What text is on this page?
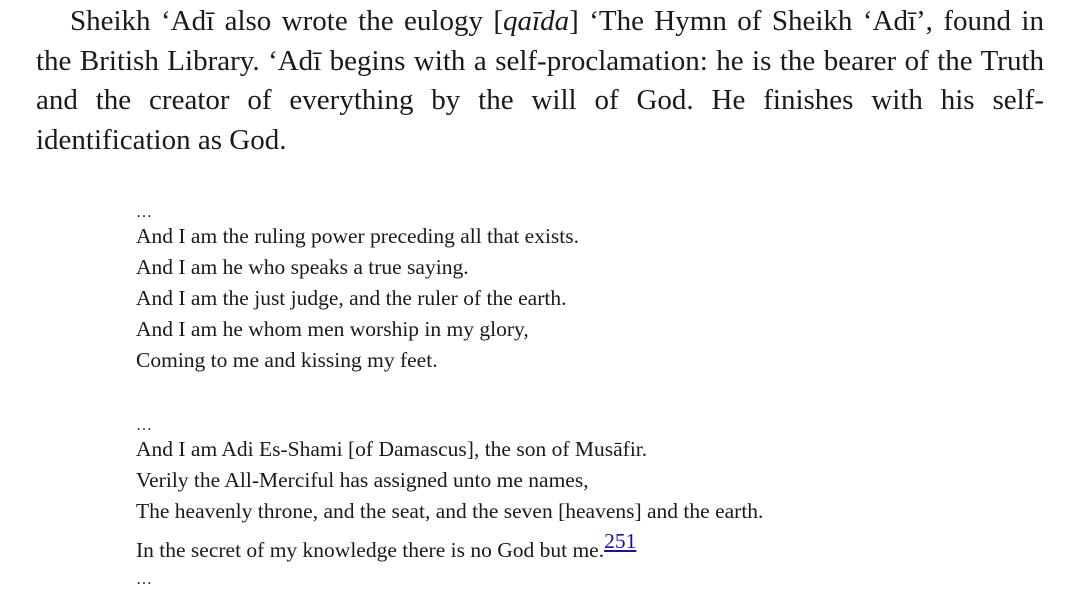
Sheikh ‘Adī also wrote the eulogy [qaīda] ‘The Hymn of Sheikh ‘Adī’, found in the British Library. ‘Adī begins with a self-proclamation: he is the bearer of the Truth and the creator of everything by the will of God. He finishes with his self-identification as God.

…
And I am the ruling power preceding all that exists.
And I am he who speaks a true saying.
And I am the just judge, and the ruler of the earth.
And I am he whom men worship in my glory,
Coming to me and kissing my feet.
…
And I am Adi Es-Shami [of Damascus], the son of Musāfir.
Verily the All-Merciful has assigned unto me names,
The heavenly throne, and the seat, and the seven [heavens] and the earth.
In the secret of my knowledge there is no God but me.251
…
